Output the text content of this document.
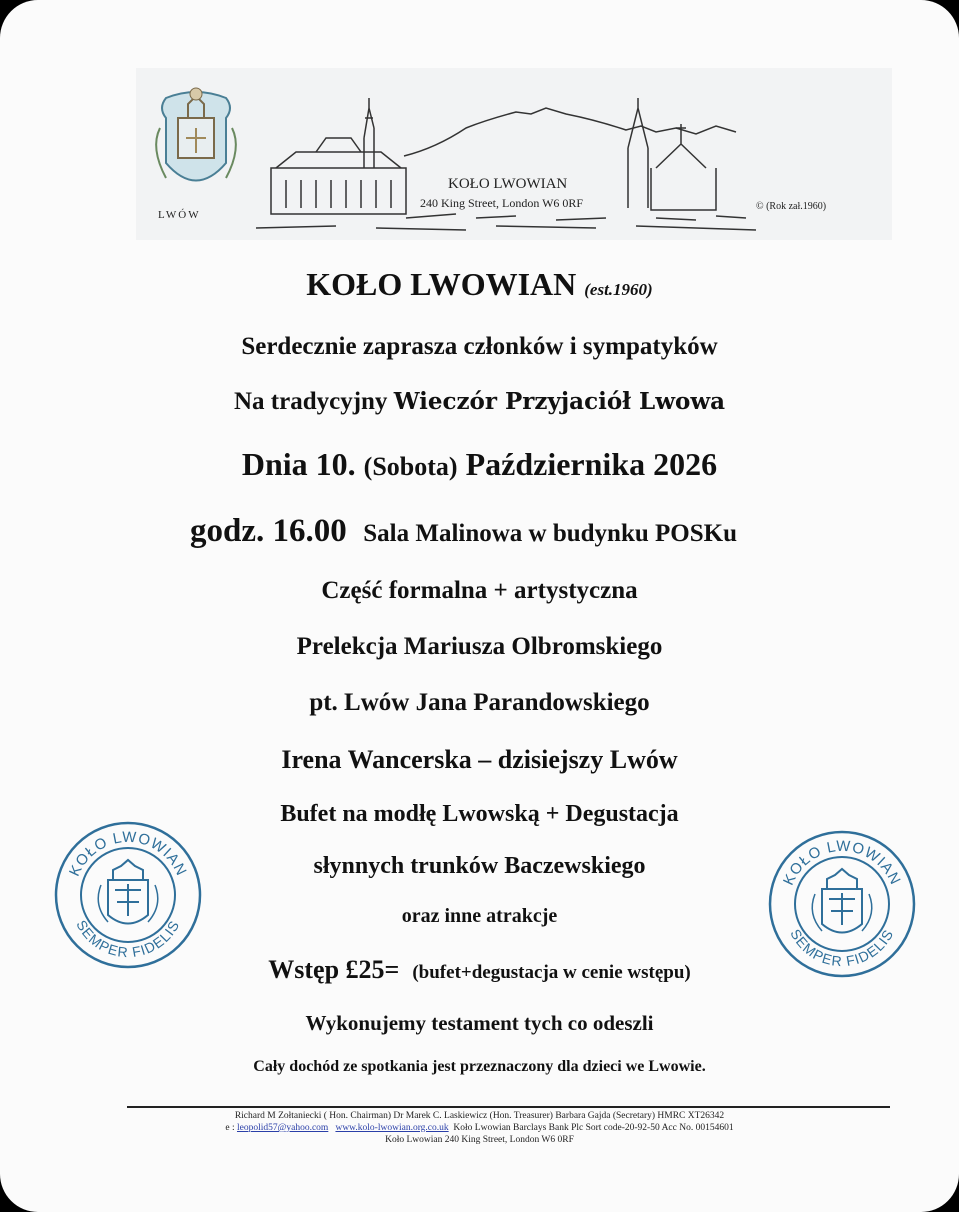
LWÓW
KOŁO LWOWIAN
240 King Street, London W6 0RF	© (Rok zał.1960)
KOŁO LWOWIAN (est.1960)
Serdecznie zaprasza członków i sympatyków
Na tradycyjny Wieczór Przyjaciół Lwowa
Dnia 10. (Sobota) Października 2026
godz. 16.00 Sala Malinowa w budynku POSKu
Część formalna + artystyczna
Prelekcja Mariusza Olbromskiego
pt. Lwów Jana Parandowskiego
Irena Wancerska – dzisiejszy Lwów
Bufet na modłę Lwowską + Degustacja
słynnych trunków Baczewskiego
oraz inne atrakcje
Wstęp £25= (bufet+degustacja w cenie wstępu)
Wykonujemy testament tych co odeszli
Cały dochód ze spotkania jest przeznaczony dla dzieci we Lwowie.
KOŁO LWOWIAN
SEMPER FIDELIS
KOŁO LWOWIAN
SEMPER FIDELIS
Richard M Zołtaniecki ( Hon. Chairman) Dr Marek C. Laskiewicz (Hon. Treasurer) Barbara Gajda (Secretary) HMRC XT26342
e : leopolid57@yahoo.com www.kolo-lwowian.org.co.uk Koło Lwowian Barclays Bank Plc Sort code-20-92-50 Acc No. 00154601
Koło Lwowian 240 King Street, London W6 0RF
